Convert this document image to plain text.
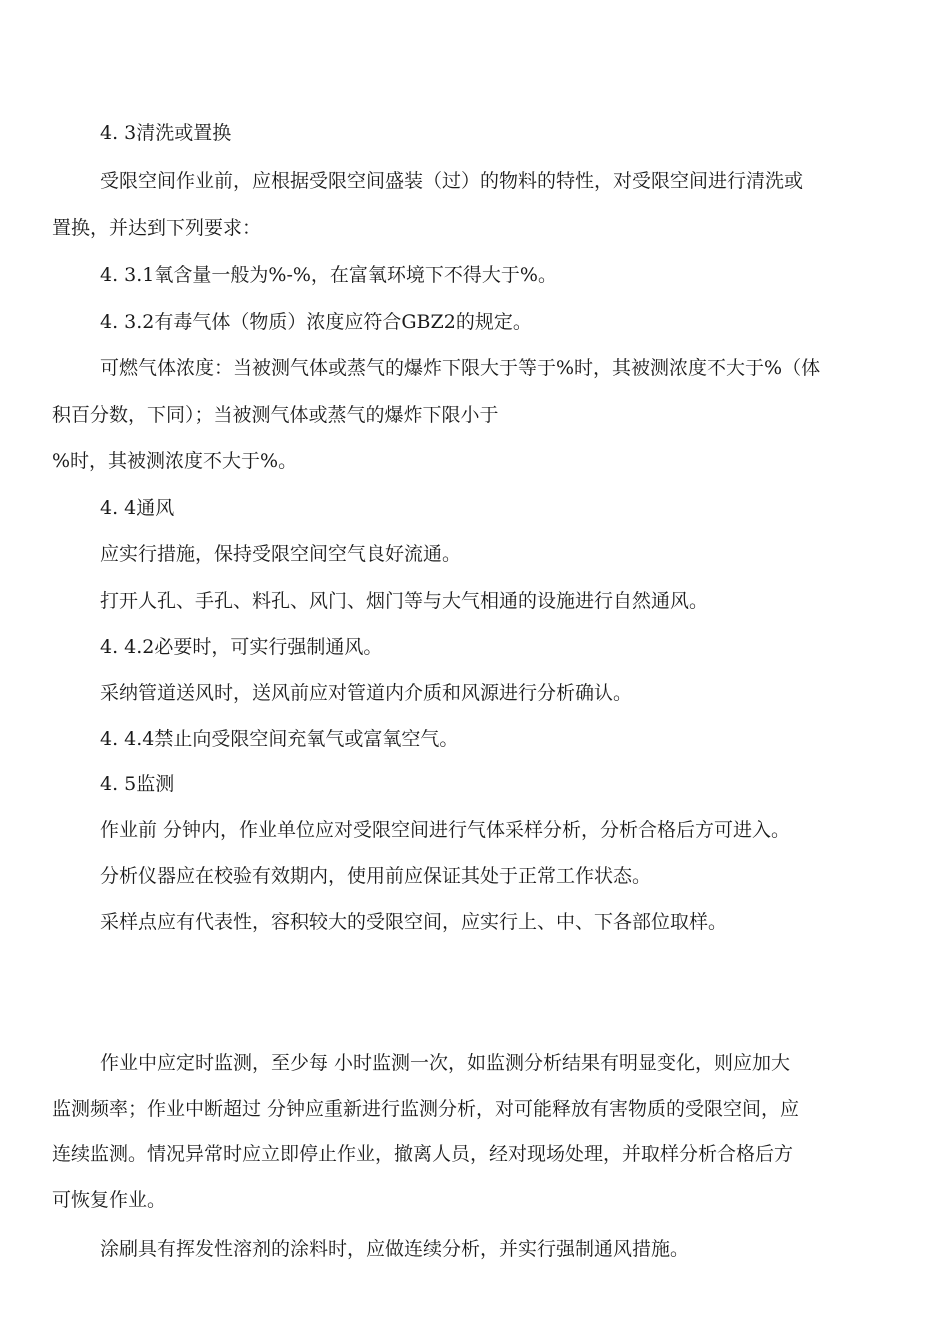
4. 3清洗或置换

受限空间作业前，应根据受限空间盛装（过）的物料的特性，对受限空间进行清洗或

置换，并达到下列要求：

4. 3.1氧含量一般为%-%，在富氧环境下不得大于%。

4. 3.2有毒气体（物质）浓度应符合GBZ2的规定。

可燃气体浓度：当被测气体或蒸气的爆炸下限大于等于%时，其被测浓度不大于%（体

积百分数，下同）；当被测气体或蒸气的爆炸下限小于

%时，其被测浓度不大于%。

4. 4通风

应实行措施，保持受限空间空气良好流通。

打开人孔、手孔、料孔、风门、烟门等与大气相通的设施进行自然通风。

4. 4.2必要时，可实行强制通风。

采纳管道送风时，送风前应对管道内介质和风源进行分析确认。

4. 4.4禁止向受限空间充氧气或富氧空气。

4. 5监测

作业前 分钟内，作业单位应对受限空间进行气体采样分析，分析合格后方可进入。

分析仪器应在校验有效期内，使用前应保证其处于正常工作状态。

采样点应有代表性，容积较大的受限空间，应实行上、中、下各部位取样。

作业中应定时监测，至少每 小时监测一次，如监测分析结果有明显变化，则应加大

监测频率；作业中断超过 分钟应重新进行监测分析，对可能释放有害物质的受限空间，应

连续监测。情况异常时应立即停止作业，撤离人员，经对现场处理，并取样分析合格后方

可恢复作业。

涂刷具有挥发性溶剂的涂料时，应做连续分析，并实行强制通风措施。
